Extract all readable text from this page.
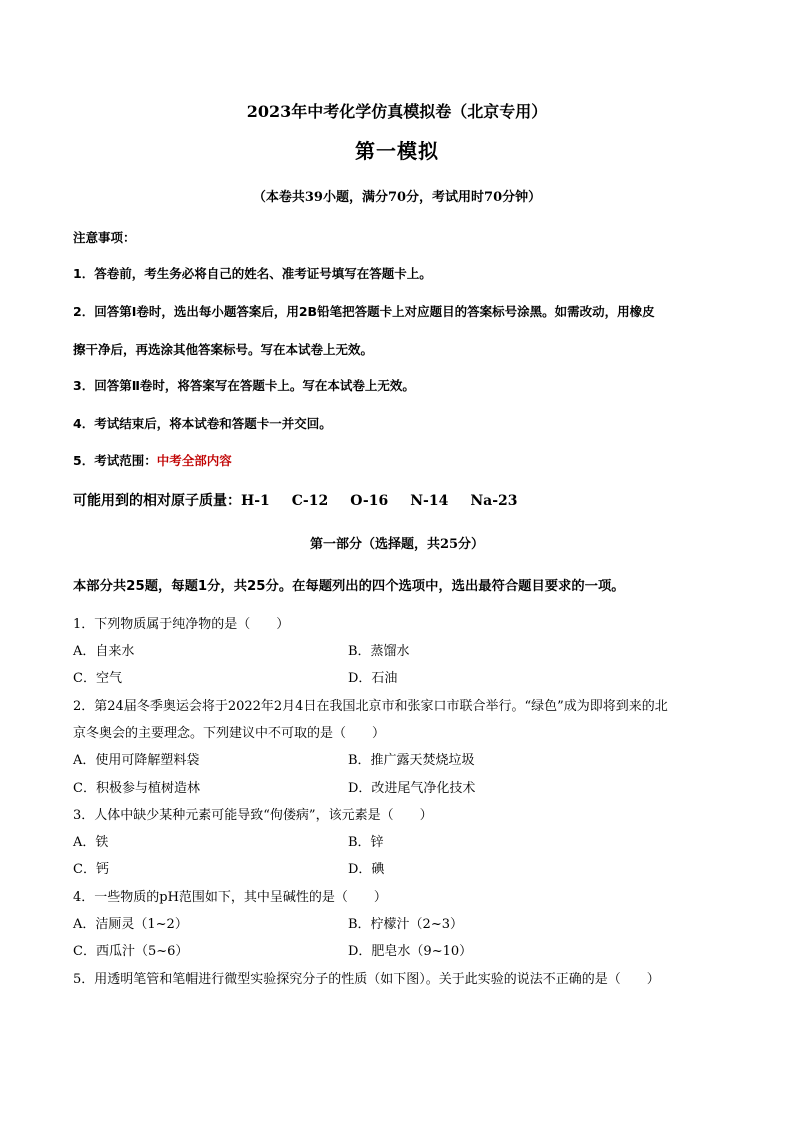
2023年中考化学仿真模拟卷（北京专用）
第一模拟
（本卷共39小题，满分70分，考试用时70分钟）
注意事项：
1．答卷前，考生务必将自己的姓名、准考证号填写在答题卡上。
2．回答第Ⅰ卷时，选出每小题答案后，用2B铅笔把答题卡上对应题目的答案标号涂黑。如需改动，用橡皮
擦干净后，再选涂其他答案标号。写在本试卷上无效。
3．回答第Ⅱ卷时，将答案写在答题卡上。写在本试卷上无效。
4．考试结束后，将本试卷和答题卡一并交回。
5．考试范围：中考全部内容
可能用到的相对原子质量：H-1 C-12 O-16 N-14 Na-23
第一部分（选择题，共25分）
本部分共25题，每题1分，共25分。在每题列出的四个选项中，选出最符合题目要求的一项。
1．下列物质属于纯净物的是（　　）
A．自来水	B．蒸馏水
C．空气	D．石油
2．第24届冬季奥运会将于2022年2月4日在我国北京市和张家口市联合举行。“绿色”成为即将到来的北
京冬奥会的主要理念。下列建议中不可取的是（　　）
A．使用可降解塑料袋	B．推广露天焚烧垃圾
C．积极参与植树造林	D．改进尾气净化技术
3．人体中缺少某种元素可能导致“佝偻病”，该元素是（　　）
A．铁	B．锌
C．钙	D．碘
4．一些物质的pH范围如下，其中呈碱性的是（　　）
A．洁厕灵（1~2）	B．柠檬汁（2~3）
C．西瓜汁（5~6）	D．肥皂水（9~10）
5．用透明笔管和笔帽进行微型实验探究分子的性质（如下图）。关于此实验的说法不正确的是（　　）
